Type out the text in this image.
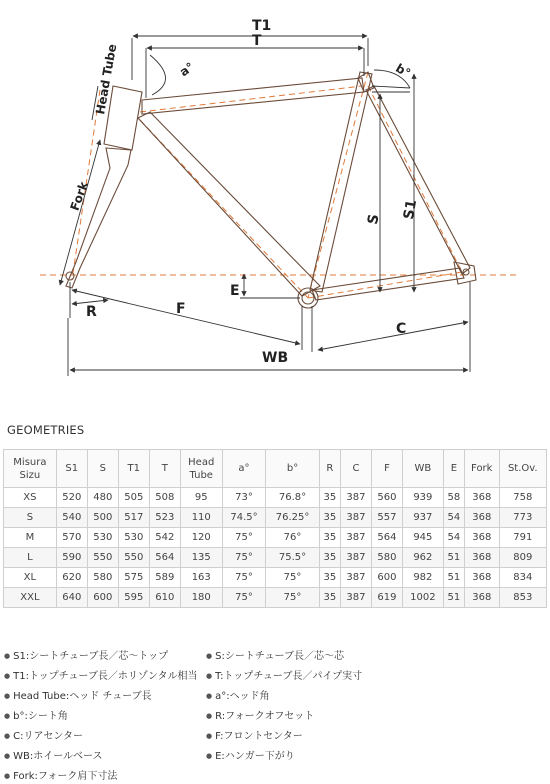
T1
T
a°	b°
Head Tube
Fork
S S1
E
R	F
C
WB
GEOMETRIES
Misura
Sizu	S1	S	T1	T	Head
Tube	a°	b°	R	C	F	WB	E	Fork	St.Ov.
XS	520	480	505	508	95	73°	76.8°	35	387	560	939	58	368	758
S	540	500	517	523	110	74.5°	76.25°	35	387	557	937	54	368	773
M	570	530	530	542	120	75°	76°	35	387	564	945	54	368	791
L	590	550	550	564	135	75°	75.5°	35	387	580	962	51	368	809
XL	620	580	575	589	163	75°	75°	35	387	600	982	51	368	834
XXL	640	600	595	610	180	75°	75°	35	387	619	1002	51	368	853
● S1:シートチューブ長／芯～トップ	● S:シートチューブ長／芯～芯
● T1:トップチューブ長／ホリゾンタル相当	● T:トップチューブ長／パイプ実寸
● Head Tube:ヘッド チューブ長	● a°:ヘッド角
● b°:シート角	● R:フォークオフセット
● C:リアセンター	● F:フロントセンター
● WB:ホイールベース	● E:ハンガー下がり
● Fork:フォーク肩下寸法
